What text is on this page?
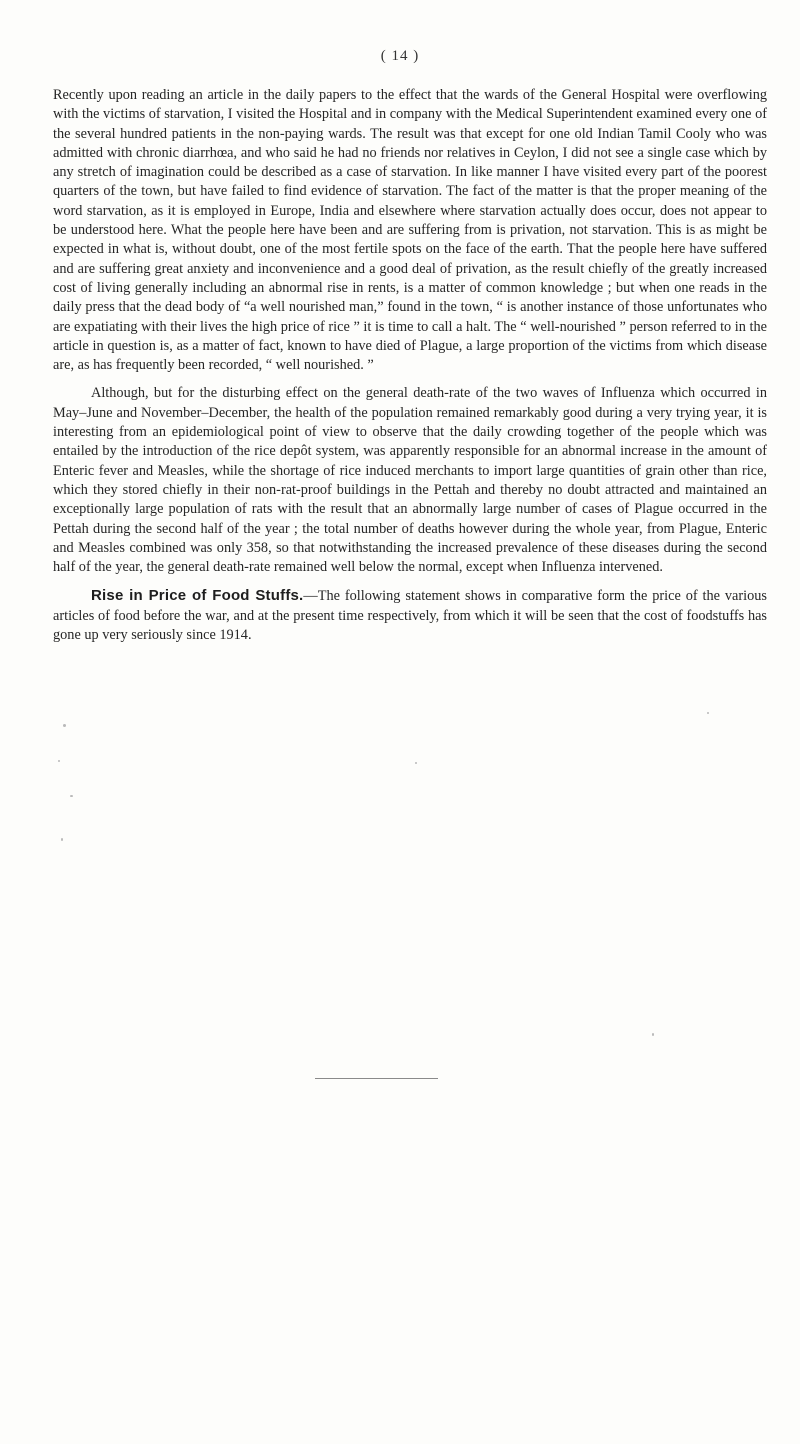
( 14 )

Recently upon reading an article in the daily papers to the effect that the wards of the General Hospital were overflowing with the victims of starvation, I visited the Hospital and in company with the Medical Superintendent examined every one of the several hundred patients in the non-paying wards. The result was that except for one old Indian Tamil Cooly who was admitted with chronic diarrhœa, and who said he had no friends nor relatives in Ceylon, I did not see a single case which by any stretch of imagination could be described as a case of starvation. In like manner I have visited every part of the poorest quarters of the town, but have failed to find evidence of starvation. The fact of the matter is that the proper meaning of the word starvation, as it is employed in Europe, India and elsewhere where starvation actually does occur, does not appear to be understood here. What the people here have been and are suffering from is privation, not starvation. This is as might be expected in what is, without doubt, one of the most fertile spots on the face of the earth. That the people here have suffered and are suffering great anxiety and inconvenience and a good deal of privation, as the result chiefly of the greatly increased cost of living generally including an abnormal rise in rents, is a matter of common knowledge ; but when one reads in the daily press that the dead body of “a well nourished man,” found in the town, “ is another instance of those unfortunates who are expatiating with their lives the high price of rice ” it is time to call a halt. The “ well-nourished ” person referred to in the article in question is, as a matter of fact, known to have died of Plague, a large proportion of the victims from which disease are, as has frequently been recorded, “ well nourished. ”

Although, but for the disturbing effect on the general death-rate of the two waves of Influenza which occurred in May–June and November–December, the health of the population remained remarkably good during a very trying year, it is interesting from an epidemiological point of view to observe that the daily crowding together of the people which was entailed by the introduction of the rice depôt system, was apparently responsible for an abnormal increase in the amount of Enteric fever and Measles, while the shortage of rice induced merchants to import large quantities of grain other than rice, which they stored chiefly in their non-rat-proof buildings in the Pettah and thereby no doubt attracted and maintained an exceptionally large population of rats with the result that an abnormally large number of cases of Plague occurred in the Pettah during the second half of the year ; the total number of deaths however during the whole year, from Plague, Enteric and Measles combined was only 358, so that notwithstanding the increased prevalence of these diseases during the second half of the year, the general death-rate remained well below the normal, except when Influenza intervened.

Rise in Price of Food Stuffs.—The following statement shows in comparative form the price of the various articles of food before the war, and at the present time respectively, from which it will be seen that the cost of foodstuffs has gone up very seriously since 1914.
